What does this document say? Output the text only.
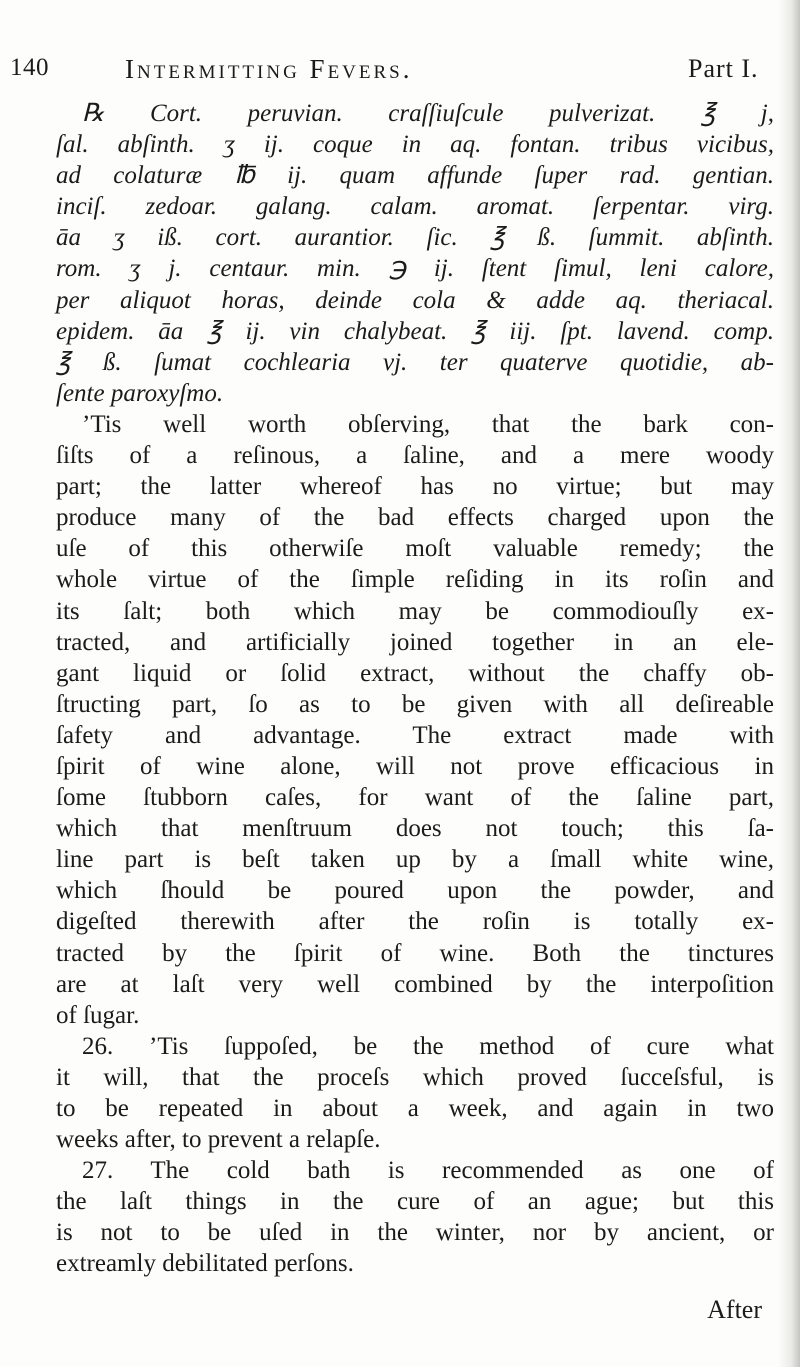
140	Intermitting Fevers.	Part I.
℞ Cort. peruvian. craſſiuſcule pulverizat. ℥ j,
ſal. abſinth. ʒ ij. coque in aq. fontan. tribus vicibus,
ad colaturæ ℔ ij. quam affunde ſuper rad. gentian.
inciſ. zedoar. galang. calam. aromat. ſerpentar. virg.
āa ʒ iß. cort. aurantior. ſic. ℥ ß. ſummit. abſinth.
rom. ʒ j. centaur. min. ℈ ij. ſtent ſimul, leni calore,
per aliquot horas, deinde cola & adde aq. theriacal.
epidem. āa ℥ ij. vin chalybeat. ℥ iij. ſpt. lavend. comp.
℥ ß. ſumat cochlearia vj. ter quaterve quotidie, ab-
ſente paroxyſmo.
’Tis well worth obſerving, that the bark con-
ſiſts of a reſinous, a ſaline, and a mere woody
part; the latter whereof has no virtue; but may
produce many of the bad effects charged upon the
uſe of this otherwiſe moſt valuable remedy; the
whole virtue of the ſimple reſiding in its roſin and
its ſalt; both which may be commodiouſly ex-
tracted, and artificially joined together in an ele-
gant liquid or ſolid extract, without the chaffy ob-
ſtructing part, ſo as to be given with all deſireable
ſafety and advantage. The extract made with
ſpirit of wine alone, will not prove efficacious in
ſome ſtubborn caſes, for want of the ſaline part,
which that menſtruum does not touch; this ſa-
line part is beſt taken up by a ſmall white wine,
which ſhould be poured upon the powder, and
digeſted therewith after the roſin is totally ex-
tracted by the ſpirit of wine. Both the tinctures
are at laſt very well combined by the interpoſition
of ſugar.
26. ’Tis ſuppoſed, be the method of cure what
it will, that the proceſs which proved ſucceſsful, is
to be repeated in about a week, and again in two
weeks after, to prevent a relapſe.
27. The cold bath is recommended as one of
the laſt things in the cure of an ague; but this
is not to be uſed in the winter, nor by ancient, or
extreamly debilitated perſons.
After
